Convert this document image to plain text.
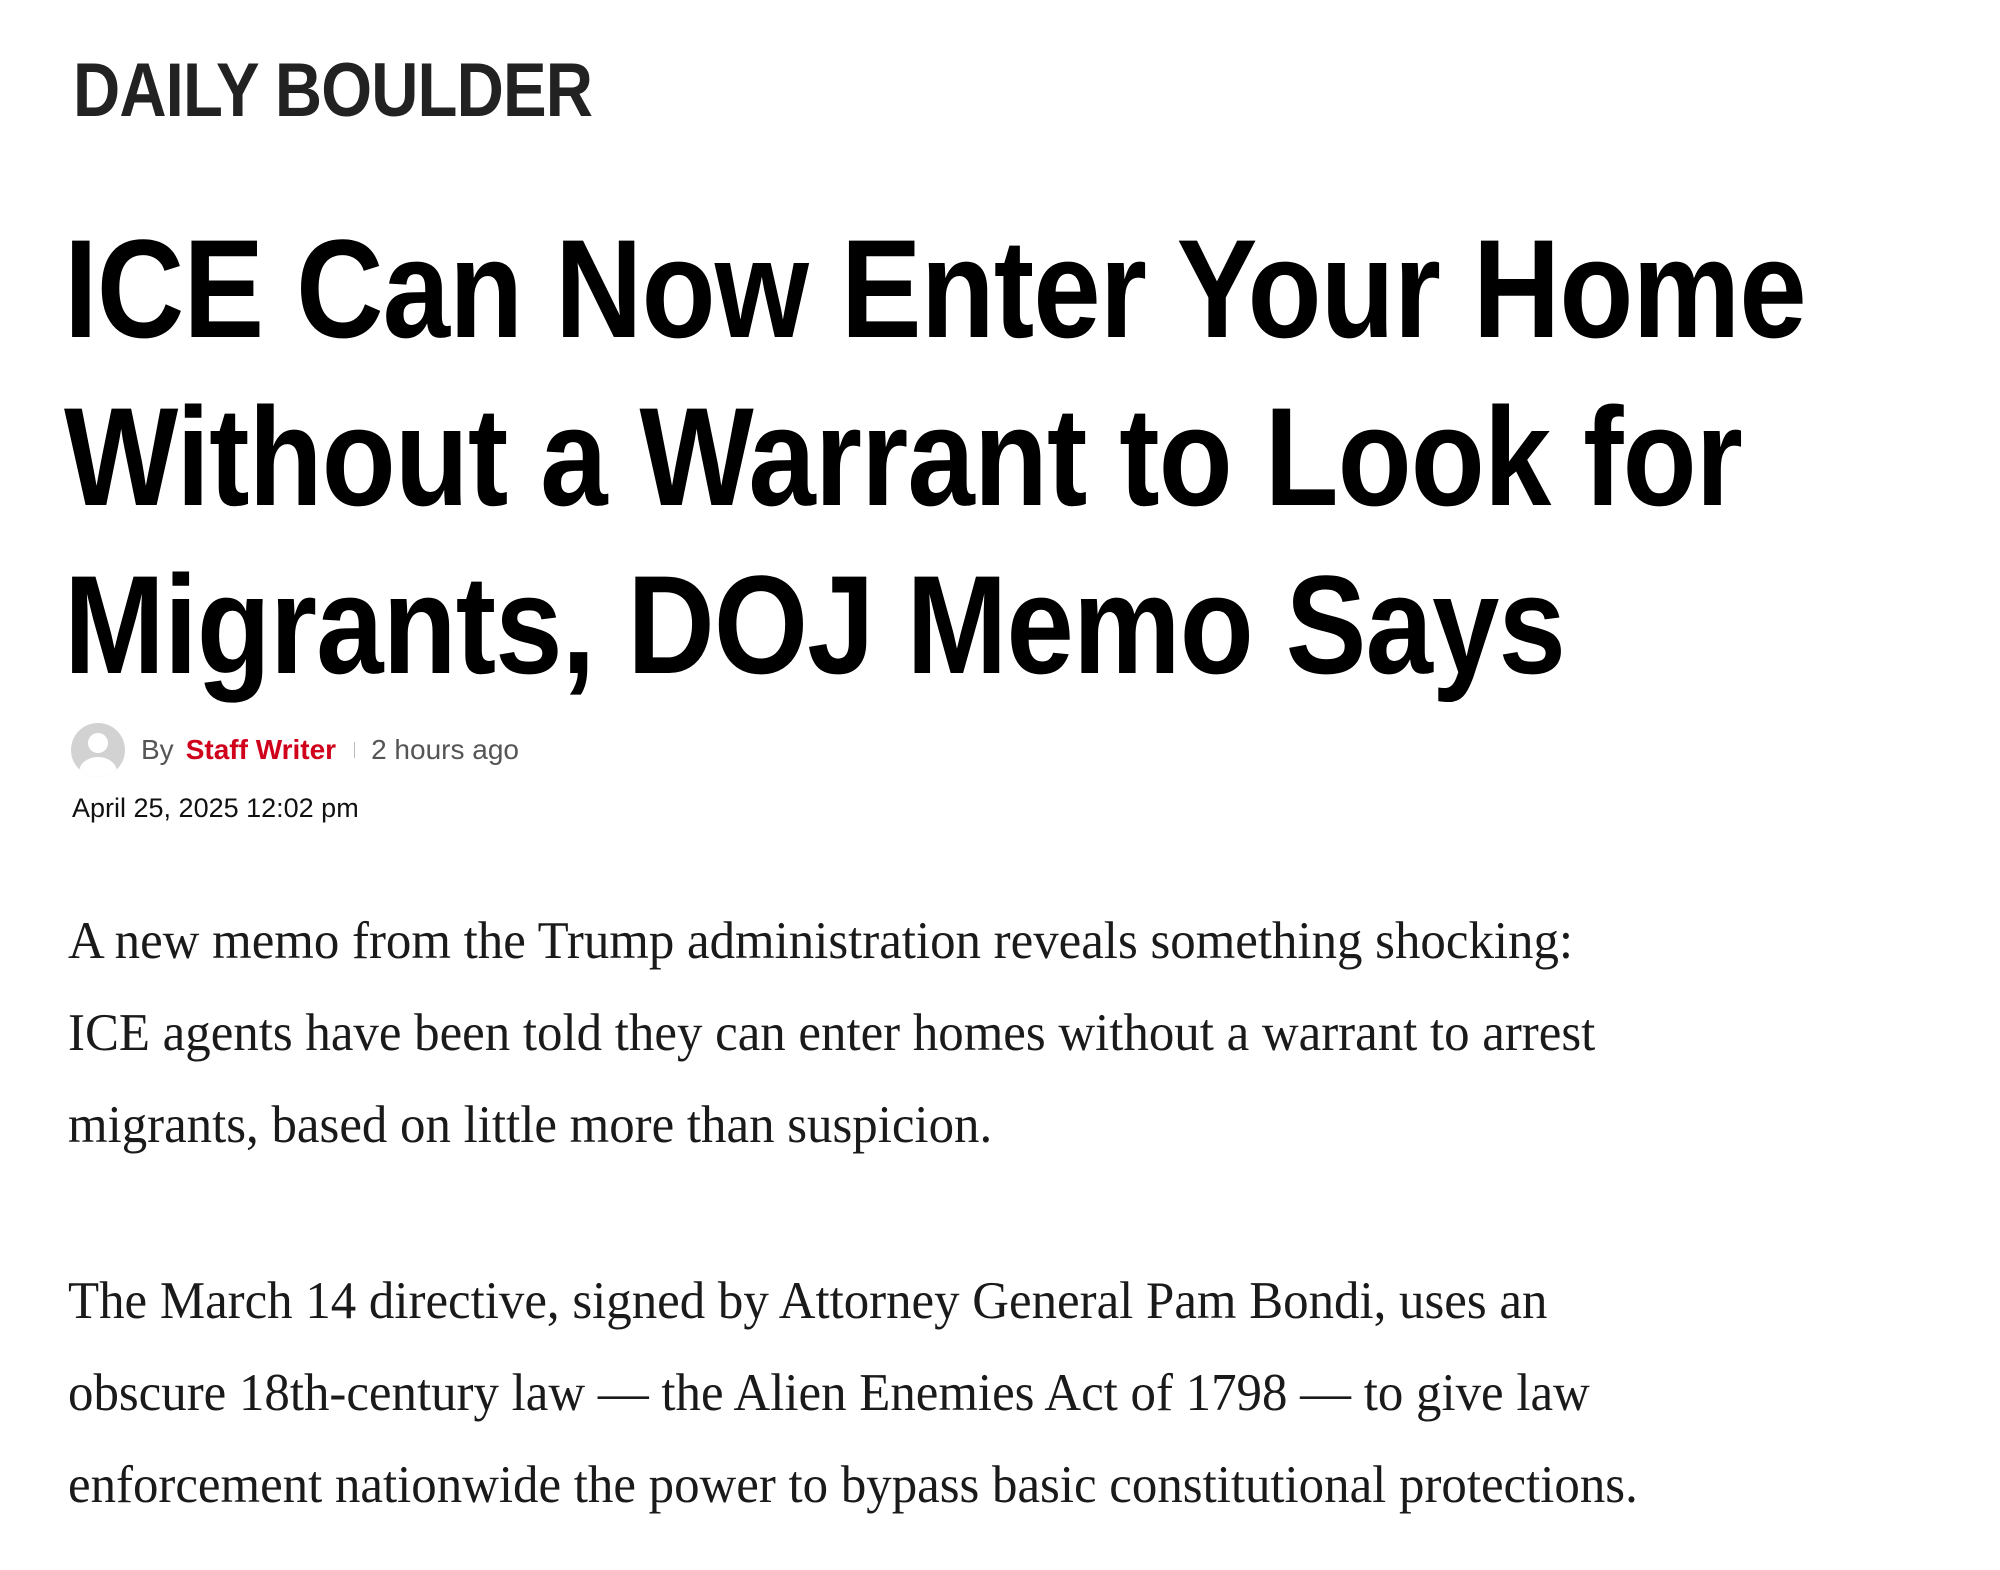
DAILY BOULDER
ICE Can Now Enter Your Home
Without a Warrant to Look for
Migrants, DOJ Memo Says
By Staff Writer 2 hours ago
April 25, 2025 12:02 pm

A new memo from the Trump administration reveals something shocking:
ICE agents have been told they can enter homes without a warrant to arrest
migrants, based on little more than suspicion.

The March 14 directive, signed by Attorney General Pam Bondi, uses an
obscure 18th-century law — the Alien Enemies Act of 1798 — to give law
enforcement nationwide the power to bypass basic constitutional protections.
